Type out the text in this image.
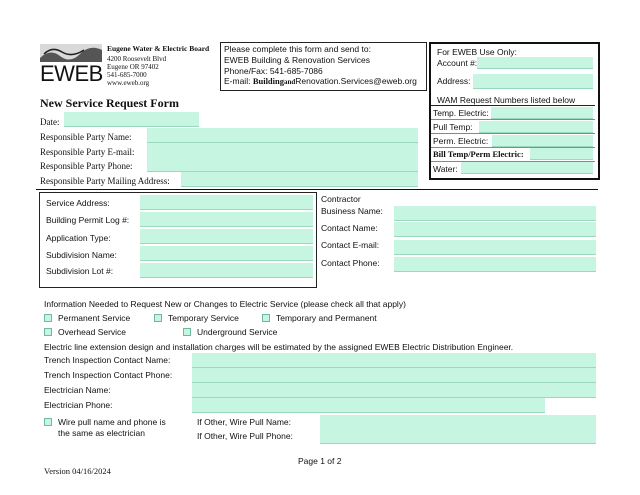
EWEB
Eugene Water & Electric Board
4200 Roosevelt Blvd
Eugene OR 97402
541-685-7000
www.eweb.org
Please complete this form and send to:
EWEB Building & Renovation Services
Phone/Fax: 541-685-7086
E-mail: BuildingandRenovation.Services@eweb.org
For EWEB Use Only:
Account #:
Address:
WAM Request Numbers listed below
Temp. Electric:
Pull Temp:
Perm. Electric:
Bill Temp/Perm Electric:
Water:
New Service Request Form
Date:
Responsible Party Name:
Responsible Party E-mail:
Responsible Party Phone:
Responsible Party Mailing Address:
Service Address:
Building Permit Log #:
Application Type:
Subdivision Name:
Subdivision Lot #:
Contractor
Business Name:
Contact Name:
Contact E-mail:
Contact Phone:
Information Needed to Request New or Changes to Electric Service (please check all that apply)
Permanent Service	Temporary Service	Temporary and Permanent
Overhead Service	Underground Service
Electric line extension design and installation charges will be estimated by the assigned EWEB Electric Distribution Engineer.
Trench Inspection Contact Name:
Trench Inspection Contact Phone:
Electrician Name:
Electrician Phone:
Wire pull name and phone is
the same as electrician
If Other, Wire Pull Name:
If Other, Wire Pull Phone:
Page 1 of 2
Version 04/16/2024
